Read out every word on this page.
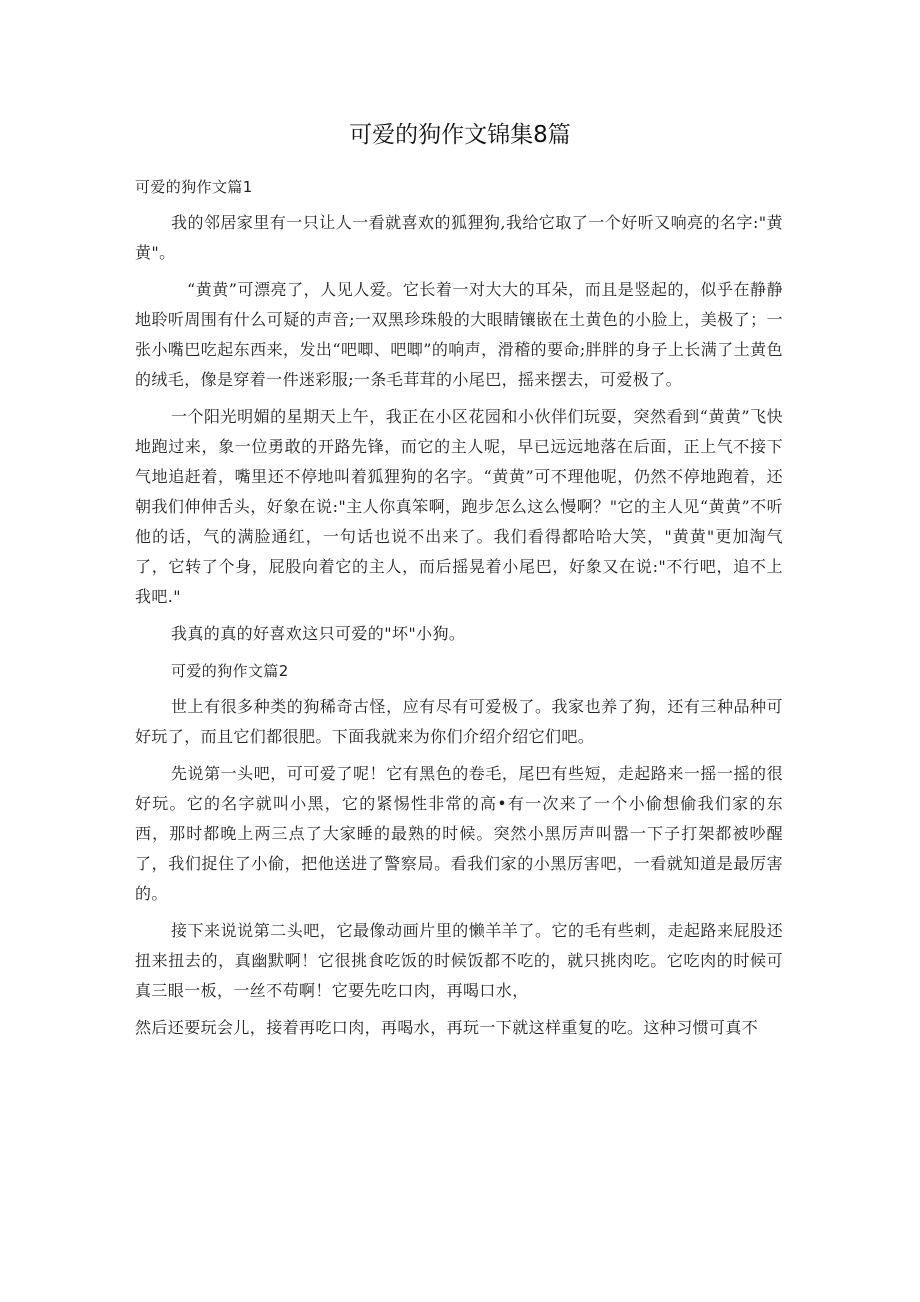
可爱的狗作文锦集8篇

可爱的狗作文篇1

我的邻居家里有一只让人一看就喜欢的狐狸狗,我给它取了一个好听又响亮的名字:"黄黄"。

“黄黄”可漂亮了，人见人爱。它长着一对大大的耳朵，而且是竖起的，似乎在静静地聆听周围有什么可疑的声音;一双黑珍珠般的大眼睛镶嵌在土黄色的小脸上，美极了；一张小嘴巴吃起东西来，发出“吧唧、吧唧”的响声，滑稽的要命;胖胖的身子上长满了土黄色的绒毛，像是穿着一件迷彩服;一条毛茸茸的小尾巴，摇来摆去，可爱极了。

一个阳光明媚的星期天上午，我正在小区花园和小伙伴们玩耍，突然看到“黄黄”飞快地跑过来，象一位勇敢的开路先锋，而它的主人呢，早已远远地落在后面，正上气不接下气地追赶着，嘴里还不停地叫着狐狸狗的名字。“黄黄”可不理他呢，仍然不停地跑着，还朝我们伸伸舌头，好象在说:"主人你真笨啊，跑步怎么这么慢啊？"它的主人见“黄黄”不听他的话，气的满脸通红，一句话也说不出来了。我们看得都哈哈大笑，"黄黄"更加淘气了，它转了个身，屁股向着它的主人，而后摇晃着小尾巴，好象又在说:"不行吧，追不上我吧."

我真的真的好喜欢这只可爱的"坏"小狗。

可爱的狗作文篇2

世上有很多种类的狗稀奇古怪，应有尽有可爱极了。我家也养了狗，还有三种品种可好玩了，而且它们都很肥。下面我就来为你们介绍介绍它们吧。

先说第一头吧，可可爱了呢！它有黑色的卷毛，尾巴有些短，走起路来一摇一摇的很好玩。它的名字就叫小黑，它的紧惕性非常的高•有一次来了一个小偷想偷我们家的东西，那时都晚上两三点了大家睡的最熟的时候。突然小黑厉声叫嚣一下子打架都被吵醒了，我们捉住了小偷，把他送进了警察局。看我们家的小黑厉害吧，一看就知道是最厉害的。

接下来说说第二头吧，它最像动画片里的懒羊羊了。它的毛有些刺，走起路来屁股还扭来扭去的，真幽默啊！它很挑食吃饭的时候饭都不吃的，就只挑肉吃。它吃肉的时候可真三眼一板，一丝不苟啊！它要先吃口肉，再喝口水，

然后还要玩会儿，接着再吃口肉，再喝水，再玩一下就这样重复的吃。这种习惯可真不
